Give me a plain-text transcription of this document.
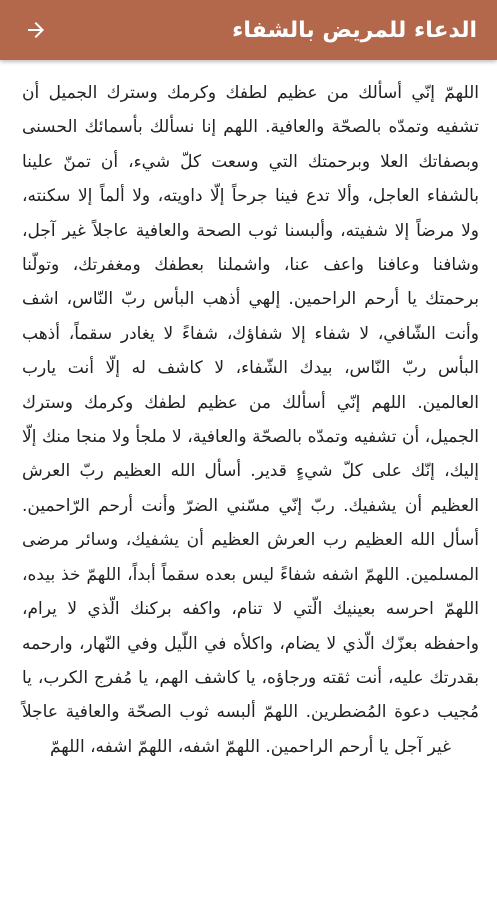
الدعاء للمريض بالشفاء

اللهمّ إنّي أسألك من عظيم لطفك وكرمك وسترك الجميل أن تشفيه وتمدّه بالصحّة والعافية. اللهم إنا نسألك بأسمائك الحسنى وبصفاتك العلا وبرحمتك التي وسعت كلّ شيء، أن تمنّ علينا بالشفاء العاجل، وألا تدع فينا جرحاً إلّا داويته، ولا ألماً إلا سكنته، ولا مرضاً إلا شفيته، وألبسنا ثوب الصحة والعافية عاجلاً غير آجل، وشافنا وعافنا واعف عنا، واشملنا بعطفك ومغفرتك، وتولّنا برحمتك يا أرحم الراحمين. إلهي أذهب البأس ربّ النّاس، اشف وأنت الشّافي، لا شفاء إلا شفاؤك، شفاءً لا يغادر سقماً، أذهب البأس ربّ النّاس، بيدك الشّفاء، لا كاشف له إلّا أنت يارب العالمين. اللهم إنّي أسألك من عظيم لطفك وكرمك وسترك الجميل، أن تشفيه وتمدّه بالصحّة والعافية، لا ملجأ ولا منجا منك إلّا إليك، إنّك على كلّ شيءٍ قدير. أسأل الله العظيم ربّ العرش العظيم أن يشفيك. ربّ إنّي مسّني الضرّ وأنت أرحم الرّاحمين. أسأل الله العظيم رب العرش العظيم أن يشفيك، وسائر مرضى المسلمين. اللهمّ اشفه شفاءً ليس بعده سقماً أبداً، اللهمّ خذ بيده، اللهمّ احرسه بعينيك الّتي لا تنام، واكفه بركنك الّذي لا يرام، واحفظه بعزّك الّذي لا يضام، واكلأه في اللّيل وفي النّهار، وارحمه بقدرتك عليه، أنت ثقته ورجاؤه، يا كاشف الهم، يا مُفرج الكرب، يا مُجيب دعوة المُضطرين. اللهمّ ألبسه ثوب الصحّة والعافية عاجلاً غير آجل يا أرحم الراحمين. اللهمّ اشفه، اللهمّ اشفه، اللهمّ
